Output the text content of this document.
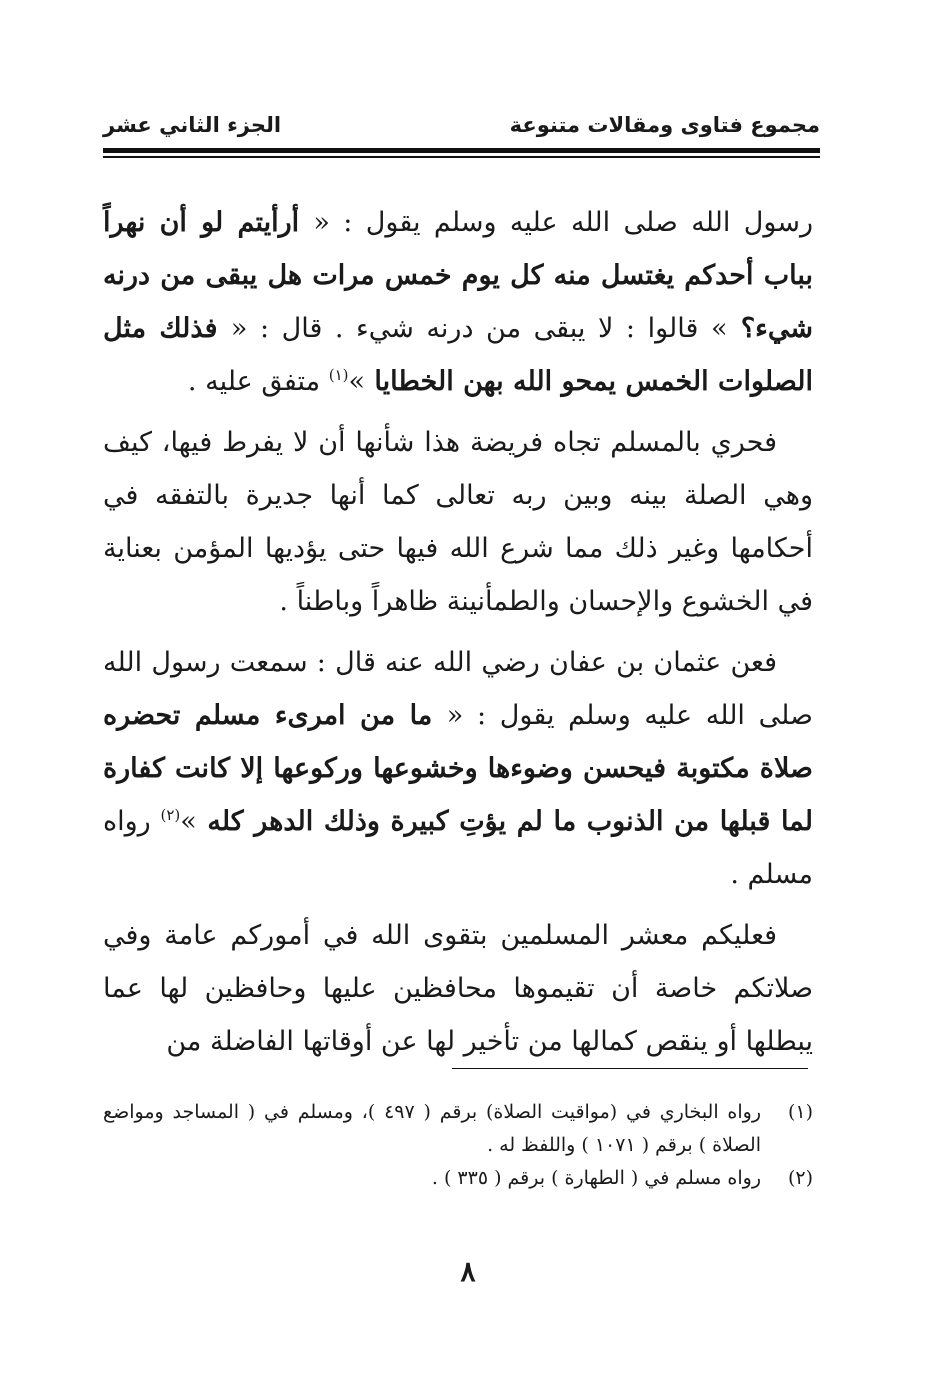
مجموع فتاوى ومقالات متنوعة
الجزء الثاني عشر

رسول الله صلى الله عليه وسلم يقول : « أرأيتم لو أن نهراً بباب أحدكم يغتسل منه كل يوم خمس مرات هل يبقى من درنه شيء؟ » قالوا : لا يبقى من درنه شيء . قال : « فذلك مثل الصلوات الخمس يمحو الله بهن الخطايا »$^{(١)}$ متفق عليه .

فحري بالمسلم تجاه فريضة هذا شأنها أن لا يفرط فيها، كيف وهي الصلة بينه وبين ربه تعالى كما أنها جديرة بالتفقه في أحكامها وغير ذلك مما شرع الله فيها حتى يؤديها المؤمن بعناية في الخشوع والإحسان والطمأنينة ظاهراً وباطناً .

فعن عثمان بن عفان رضي الله عنه قال : سمعت رسول الله صلى الله عليه وسلم يقول : « ما من امرىء مسلم تحضره صلاة مكتوبة فيحسن وضوءها وخشوعها وركوعها إلا كانت كفارة لما قبلها من الذنوب ما لم يؤتِ كبيرة وذلك الدهر كله »$^{(٢)}$ رواه مسلم .

فعليكم معشر المسلمين بتقوى الله في أموركم عامة وفي صلاتكم خاصة أن تقيموها محافظين عليها وحافظين لها عما يبطلها أو ينقص كمالها من تأخير لها عن أوقاتها الفاضلة من

(١)
رواه البخاري في (مواقيت الصلاة) برقم ( ٤٩٧ )، ومسلم في ( المساجد ومواضع الصلاة ) برقم ( ١٠٧١ ) واللفظ له .
(٢)
رواه مسلم في ( الطهارة ) برقم ( ٣٣٥ ) .
٨
